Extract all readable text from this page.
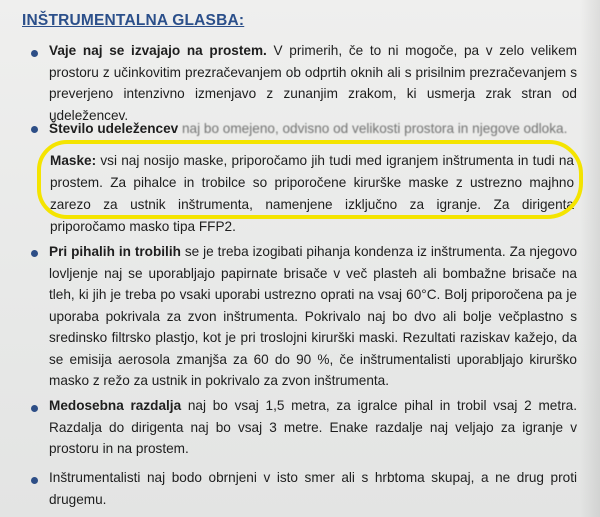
INŠTRUMENTALNA GLASBA:
Vaje naj se izvajajo na prostem. V primerih, če to ni mogoče, pa v zelo velikem prostoru z učinkovitim prezračevanjem ob odprtih oknih ali s prisilnim prezračevanjem s preverjeno intenzivno izmenjavo z zunanjim zrakom, ki usmerja zrak stran od udeležencev.
Število udeležencev naj bo omejeno, odvisno od velikosti prostora in njegove odloka.
Maske: vsi naj nosijo maske, priporočamo jih tudi med igranjem inštrumenta in tudi na prostem. Za pihalce in trobilce so priporočene kirurške maske z ustrezno majhno zarezo za ustnik inštrumenta, namenjene izključno za igranje. Za dirigenta priporočamo masko tipa FFP2.
Pri pihalih in trobilih se je treba izogibati pihanja kondenza iz inštrumenta. Za njegovo lovljenje naj se uporabljajo papirnate brisače v več plasteh ali bombažne brisače na tleh, ki jih je treba po vsaki uporabi ustrezno oprati na vsaj 60°C. Bolj priporočena pa je uporaba pokrivala za zvon inštrumenta. Pokrivalo naj bo dvo ali bolje večplastno s sredinsko filtrsko plastjo, kot je pri troslojni kirurški maski. Rezultati raziskav kažejo, da se emisija aerosola zmanjša za 60 do 90 %, če inštrumentalisti uporabljajo kirurško masko z režo za ustnik in pokrivalo za zvon inštrumenta.
Medosebna razdalja naj bo vsaj 1,5 metra, za igralce pihal in trobil vsaj 2 metra. Razdalja do dirigenta naj bo vsaj 3 metre. Enake razdalje naj veljajo za igranje v prostoru in na prostem.
Inštrumentalisti naj bodo obrnjeni v isto smer ali s hrbtoma skupaj, a ne drug proti drugemu.
